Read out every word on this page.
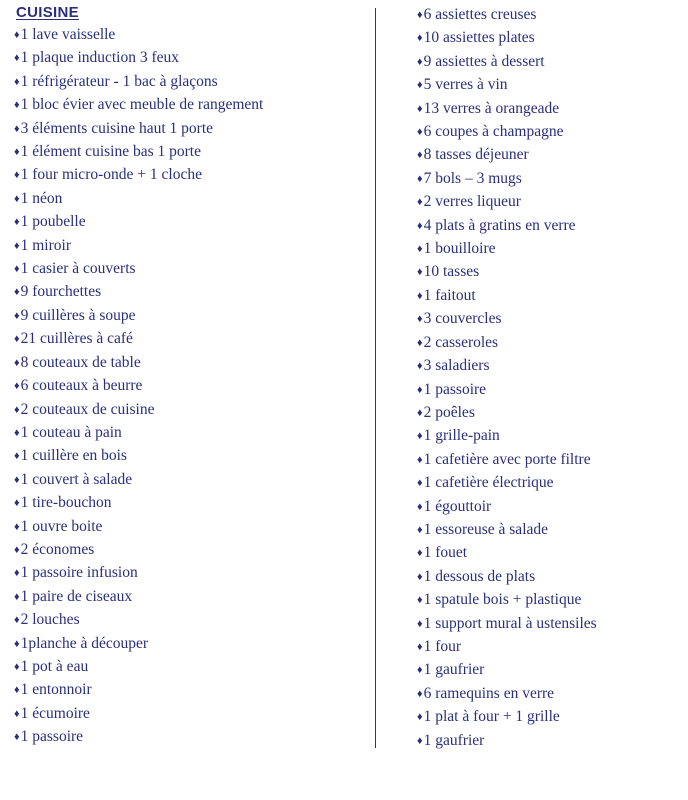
CUISINE
♦ 1 lave vaisselle
♦ 1 plaque induction 3 feux
♦ 1 réfrigérateur - 1 bac à glaçons
♦ 1 bloc évier avec meuble de rangement
♦ 3 éléments cuisine haut 1 porte
♦ 1 élément cuisine bas 1 porte
♦ 1 four micro-onde + 1 cloche
♦ 1 néon
♦ 1 poubelle
♦ 1 miroir
♦ 1 casier à couverts
♦ 9 fourchettes
♦ 9 cuillères à soupe
♦ 21 cuillères à café
♦ 8 couteaux de table
♦ 6 couteaux à beurre
♦ 2 couteaux de cuisine
♦ 1 couteau à pain
♦ 1 cuillère en bois
♦ 1 couvert à salade
♦ 1 tire-bouchon
♦ 1 ouvre boite
♦ 2 économes
♦ 1 passoire infusion
♦ 1 paire de ciseaux
♦ 2 louches
♦ 1planche à découper
♦ 1 pot à eau
♦ 1 entonnoir
♦ 1 écumoire
♦ 1 passoire
♦ 6 assiettes creuses
♦ 10 assiettes plates
♦ 9 assiettes à dessert
♦ 5 verres à vin
♦ 13 verres à orangeade
♦ 6 coupes à champagne
♦ 8 tasses déjeuner
♦ 7 bols – 3 mugs
♦ 2 verres liqueur
♦ 4 plats à gratins en verre
♦ 1 bouilloire
♦ 10 tasses
♦ 1 faitout
♦ 3 couvercles
♦ 2 casseroles
♦ 3 saladiers
♦ 1 passoire
♦ 2 poêles
♦ 1 grille-pain
♦ 1 cafetière avec porte filtre
♦ 1 cafetière électrique
♦ 1 égouttoir
♦ 1 essoreuse à salade
♦ 1 fouet
♦ 1 dessous de plats
♦ 1 spatule bois + plastique
♦ 1 support mural à ustensiles
♦ 1 four
♦ 1 gaufrier
♦ 6 ramequins en verre
♦ 1 plat à four + 1 grille
♦ 1 gaufrier
